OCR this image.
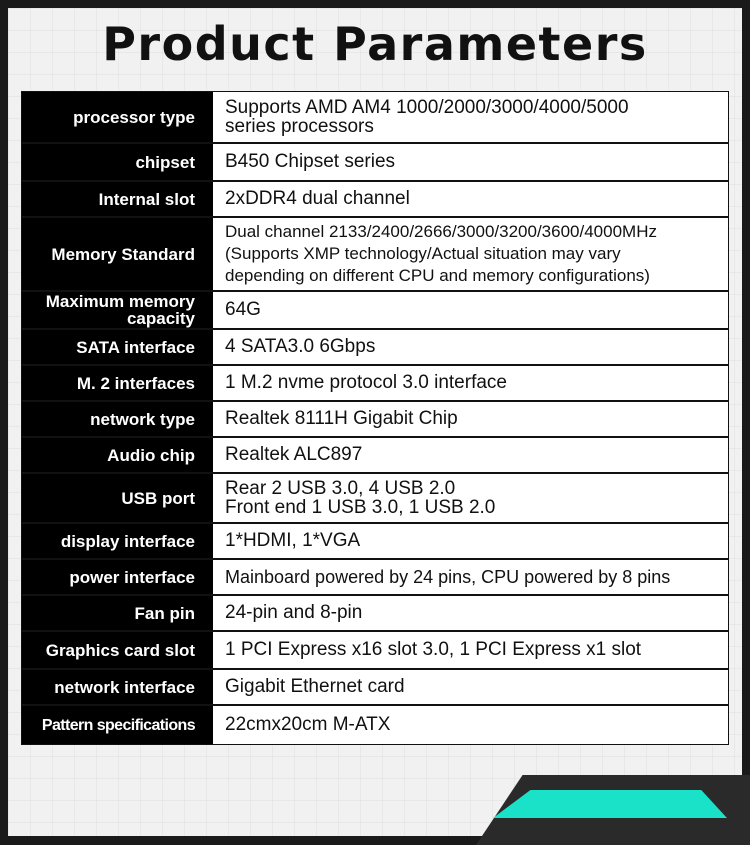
Product Parameters
processor type Supports AMD AM4 1000/2000/3000/4000/5000
series processors
chipset B450 Chipset series
Internal slot 2xDDR4 dual channel
Memory Standard
Dual channel 2133/2400/2666/3000/3200/3600/4000MHz
(Supports XMP technology/Actual situation may vary
depending on different CPU and memory configurations)
Maximum memory
capacity 64G
SATA interface 4 SATA3.0 6Gbps
M. 2 interfaces 1 M.2 nvme protocol 3.0 interface
network type Realtek 8111H Gigabit Chip
Audio chip Realtek ALC897
USB port Rear 2 USB 3.0, 4 USB 2.0
Front end 1 USB 3.0, 1 USB 2.0
display interface 1*HDMI, 1*VGA
power interface Mainboard powered by 24 pins, CPU powered by 8 pins
Fan pin 24-pin and 8-pin
Graphics card slot 1 PCI Express x16 slot 3.0, 1 PCI Express x1 slot
network interface Gigabit Ethernet card
Pattern specifications 22cmx20cm M-ATX
